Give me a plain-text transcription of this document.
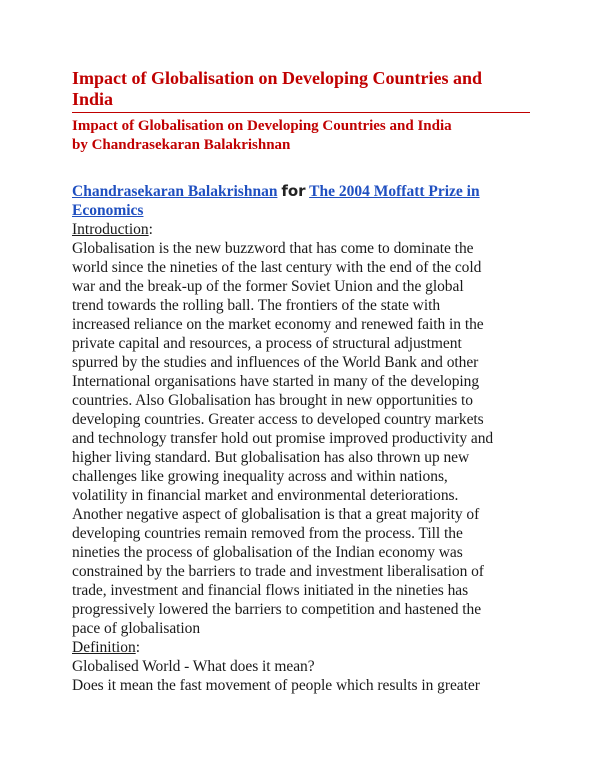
Impact of Globalisation on Developing Countries and
India

Impact of Globalisation on Developing Countries and India
by Chandrasekaran Balakrishnan

Chandrasekaran Balakrishnan for The 2004 Moffatt Prize in
Economics

Introduction:

Globalisation is the new buzzword that has come to dominate the
world since the nineties of the last century with the end of the cold
war and the break-up of the former Soviet Union and the global
trend towards the rolling ball. The frontiers of the state with
increased reliance on the market economy and renewed faith in the
private capital and resources, a process of structural adjustment
spurred by the studies and influences of the World Bank and other
International organisations have started in many of the developing
countries. Also Globalisation has brought in new opportunities to
developing countries. Greater access to developed country markets
and technology transfer hold out promise improved productivity and
higher living standard. But globalisation has also thrown up new
challenges like growing inequality across and within nations,
volatility in financial market and environmental deteriorations.
Another negative aspect of globalisation is that a great majority of
developing countries remain removed from the process. Till the
nineties the process of globalisation of the Indian economy was
constrained by the barriers to trade and investment liberalisation of
trade, investment and financial flows initiated in the nineties has
progressively lowered the barriers to competition and hastened the
pace of globalisation

Definition:

Globalised World - What does it mean?
Does it mean the fast movement of people which results in greater
